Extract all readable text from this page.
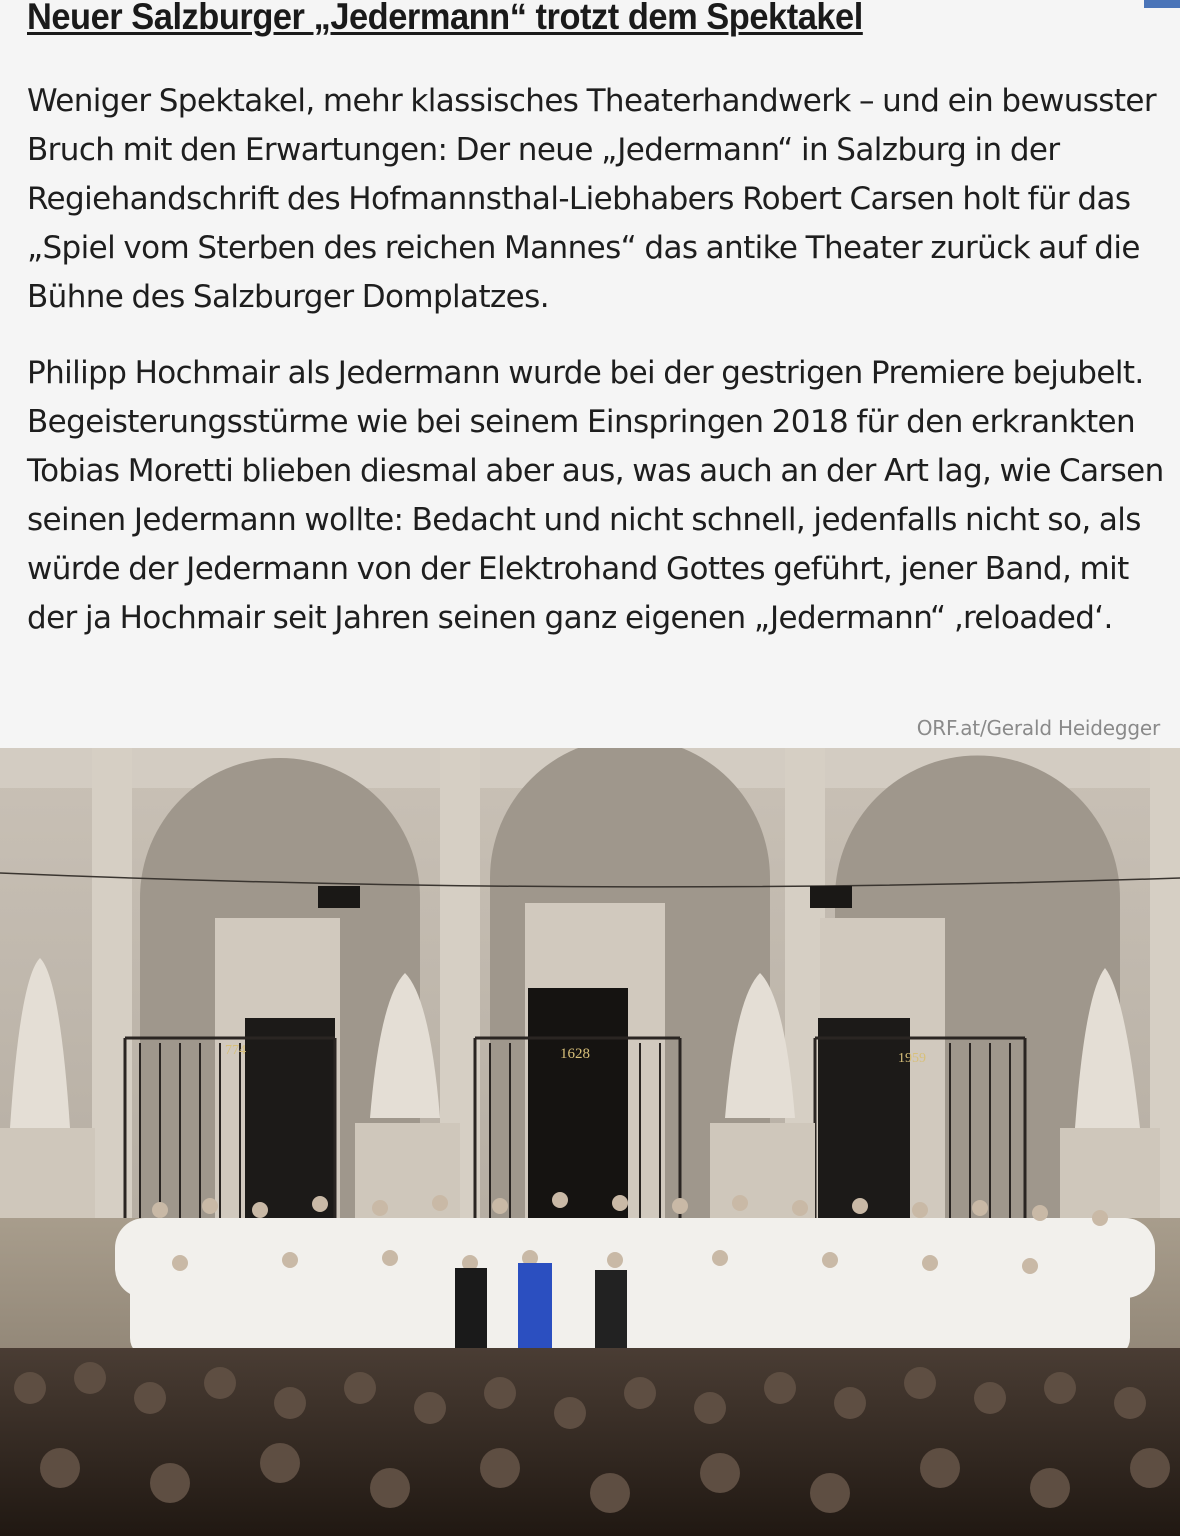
Neuer Salzburger „Jedermann“ trotzt dem Spektakel

Weniger Spektakel, mehr klassisches Theaterhandwerk – und ein bewusster Bruch mit den Erwartungen: Der neue „Jedermann“ in Salzburg in der Regiehandschrift des Hofmannsthal-Liebhabers Robert Carsen holt für das „Spiel vom Sterben des reichen Mannes“ das antike Theater zurück auf die Bühne des Salzburger Domplatzes.

Philipp Hochmair als Jedermann wurde bei der gestrigen Premiere bejubelt. Begeisterungsstürme wie bei seinem Einspringen 2018 für den erkrankten Tobias Moretti blieben diesmal aber aus, was auch an der Art lag, wie Carsen seinen Jedermann wollte: Bedacht und nicht schnell, jedenfalls nicht so, als würde der Jedermann von der Elektrohand Gottes geführt, jener Band, mit der ja Hochmair seit Jahren seinen ganz eigenen „Jedermann“ ‚reloaded‘.

ORF.at/Gerald Heidegger
774	1628	1959
